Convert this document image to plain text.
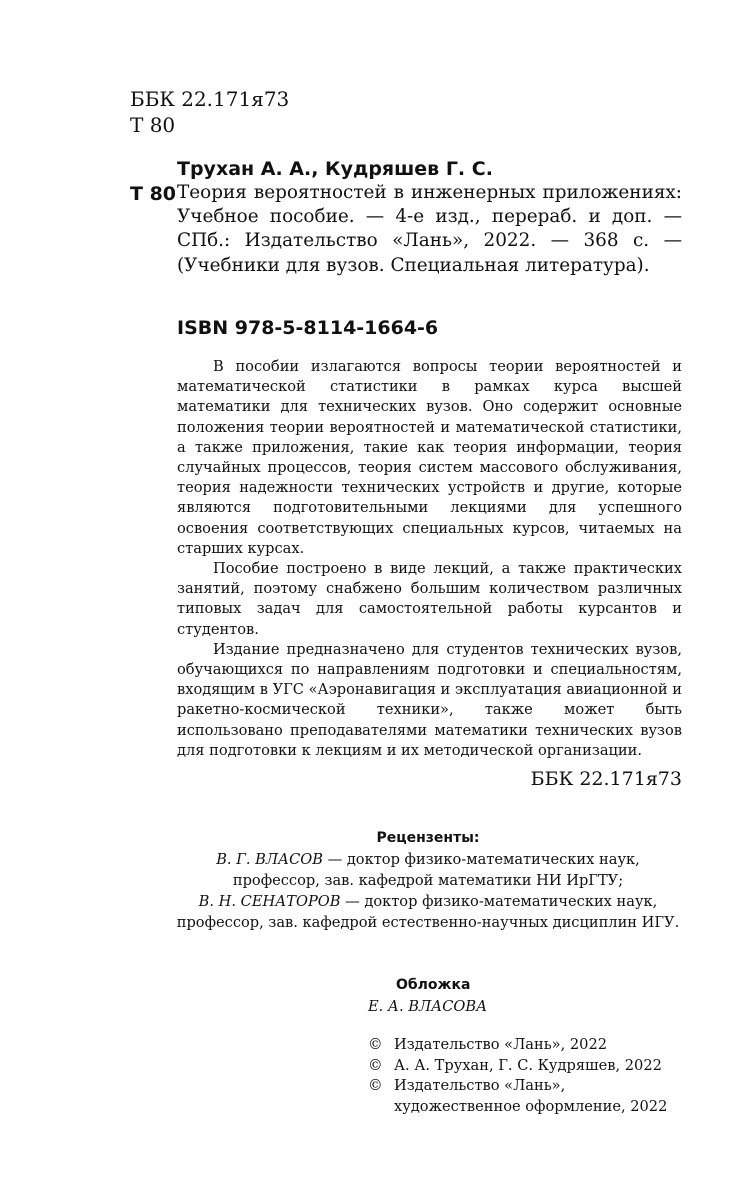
ББК 22.171я73
Т 80
Трухан А. А., Кудряшев Г. С.
Т 80 Теория вероятностей в инженерных приложениях: Учебное пособие. — 4-е изд., перераб. и доп. — СПб.: Издательство «Лань», 2022. — 368 с. — (Учебники для вузов. Специальная литература).
ISBN 978-5-8114-1664-6

В пособии излагаются вопросы теории вероятностей и математической статистики в рамках курса высшей математики для технических вузов. Оно содержит основные положения теории вероятностей и математической статистики, а также приложения, такие как теория информации, теория случайных процессов, теория систем массового обслуживания, теория надежности технических устройств и другие, которые являются подготовительными лекциями для успешного освоения соответствующих специальных курсов, читаемых на старших курсах.

Пособие построено в виде лекций, а также практических занятий, поэтому снабжено большим количеством различных типовых задач для самостоятельной работы курсантов и студентов.

Издание предназначено для студентов технических вузов, обучающихся по направлениям подготовки и специальностям, входящим в УГС «Аэронавигация и эксплуатация авиационной и ракетно-космической техники», также может быть использовано преподавателями математики технических вузов для подготовки к лекциям и их методической организации.

ББК 22.171я73
Рецензенты:
В. Г. ВЛАСОВ — доктор физико-математических наук,
профессор, зав. кафедрой математики НИ ИрГТУ;
В. Н. СЕНАТОРОВ — доктор физико-математических наук,
профессор, зав. кафедрой естественно-научных дисциплин ИГУ.
Обложка
Е. А. ВЛАСОВА
© Издательство «Лань», 2022
© А. А. Трухан, Г. С. Кудряшев, 2022
© Издательство «Лань»,
художественное оформление, 2022
